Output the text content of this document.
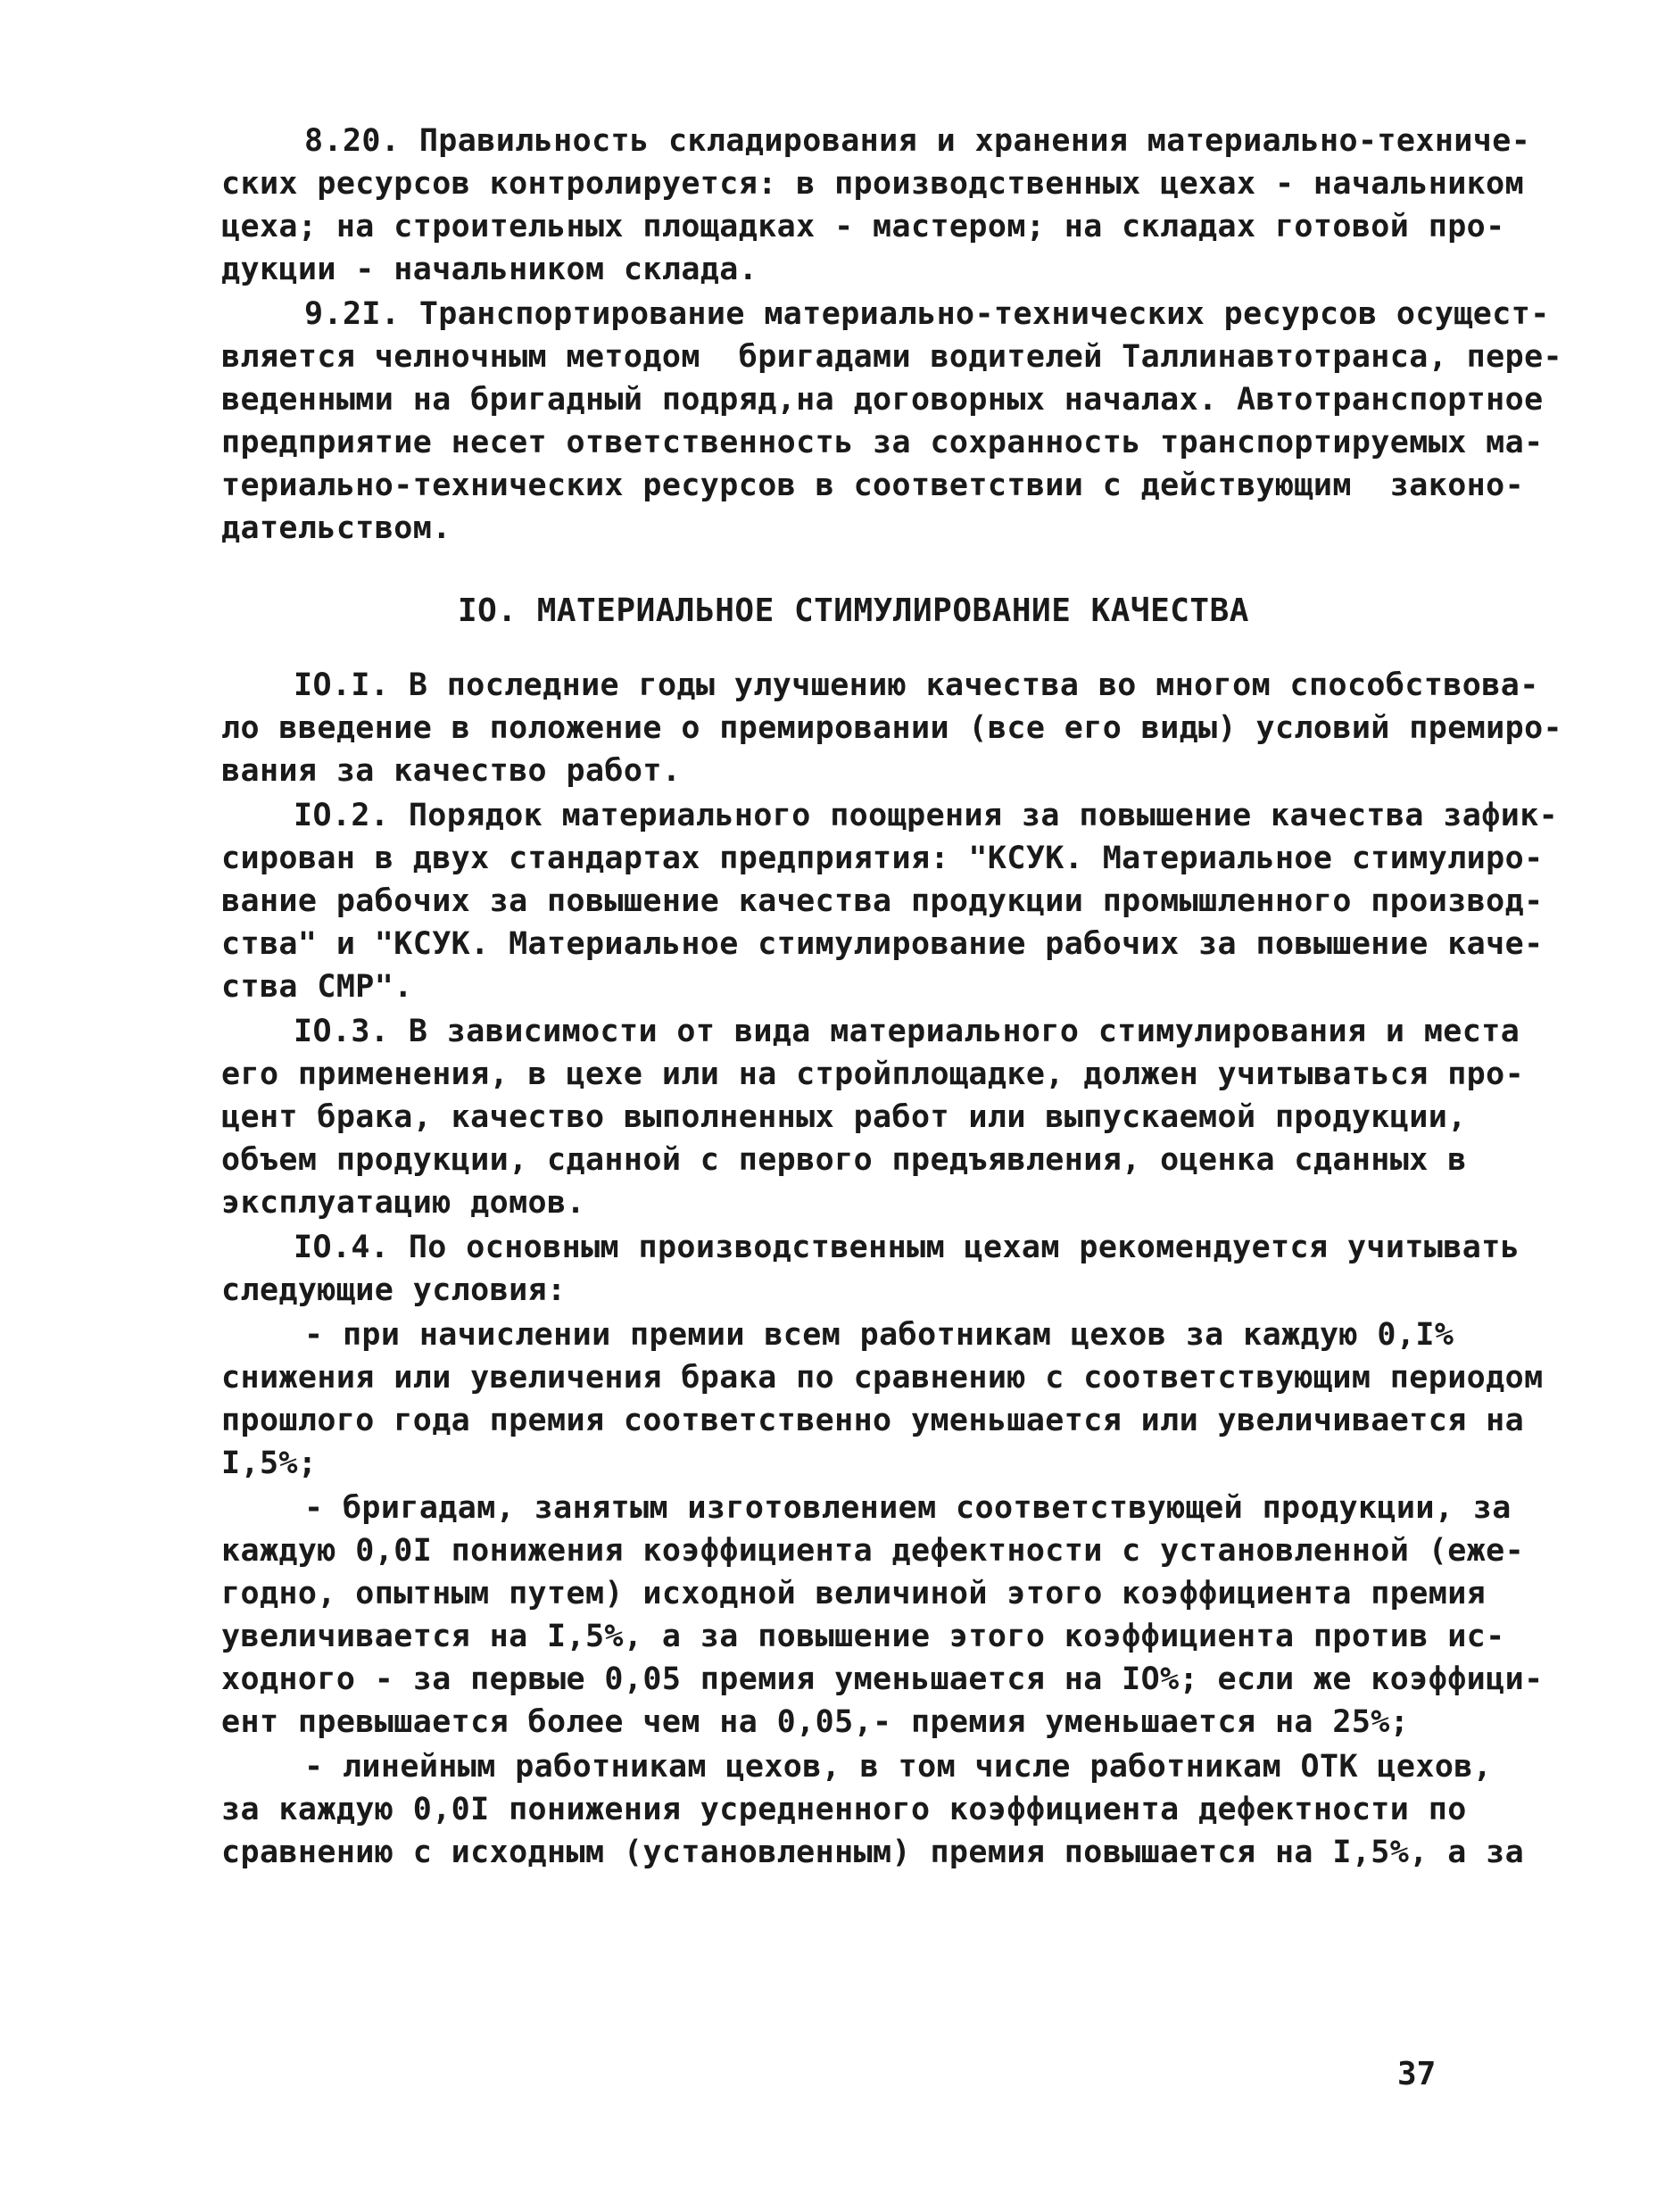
8.20. Правильность складирования и хранения материально-техниче-
ских ресурсов контролируется: в производственных цехах - начальником
цеха; на строительных площадках - мастером; на складах готовой про-
дукции - начальником склада.
9.2I. Транспортирование материально-технических ресурсов осущест-
вляется челночным методом  бригадами водителей Таллинавтотранса, пере-
веденными на бригадный подряд,на договорных началах. Автотранспортное
предприятие несет ответственность за сохранность транспортируемых ма-
териально-технических ресурсов в соответствии с действующим  законо-
дательством.
IO. МАТЕРИАЛЬНОЕ СТИМУЛИРОВАНИЕ КАЧЕСТВА
IO.I. В последние годы улучшению качества во многом способствова-
ло введение в положение о премировании (все его виды) условий премиро-
вания за качество работ.
IO.2. Порядок материального поощрения за повышение качества зафик-
сирован в двух стандартах предприятия: "КСУК. Материальное стимулиро-
вание рабочих за повышение качества продукции промышленного производ-
ства" и "КСУК. Материальное стимулирование рабочих за повышение каче-
ства СМР".
IO.3. В зависимости от вида материального стимулирования и места
его применения, в цехе или на стройплощадке, должен учитываться про-
цент брака, качество выполненных работ или выпускаемой продукции,
объем продукции, сданной с первого предъявления, оценка сданных в
эксплуатацию домов.
IO.4. По основным производственным цехам рекомендуется учитывать
следующие условия:
- при начислении премии всем работникам цехов за каждую 0,I%
снижения или увеличения брака по сравнению с соответствующим периодом
прошлого года премия соответственно уменьшается или увеличивается на
I,5%;
- бригадам, занятым изготовлением соответствующей продукции, за
каждую 0,0I понижения коэффициента дефектности с установленной (еже-
годно, опытным путем) исходной величиной этого коэффициента премия
увеличивается на I,5%, а за повышение этого коэффициента против ис-
ходного - за первые 0,05 премия уменьшается на IO%; если же коэффици-
ент превышается более чем на 0,05,- премия уменьшается на 25%;
- линейным работникам цехов, в том числе работникам ОТК цехов,
за каждую 0,0I понижения усредненного коэффициента дефектности по
сравнению с исходным (установленным) премия повышается на I,5%, а за
37
